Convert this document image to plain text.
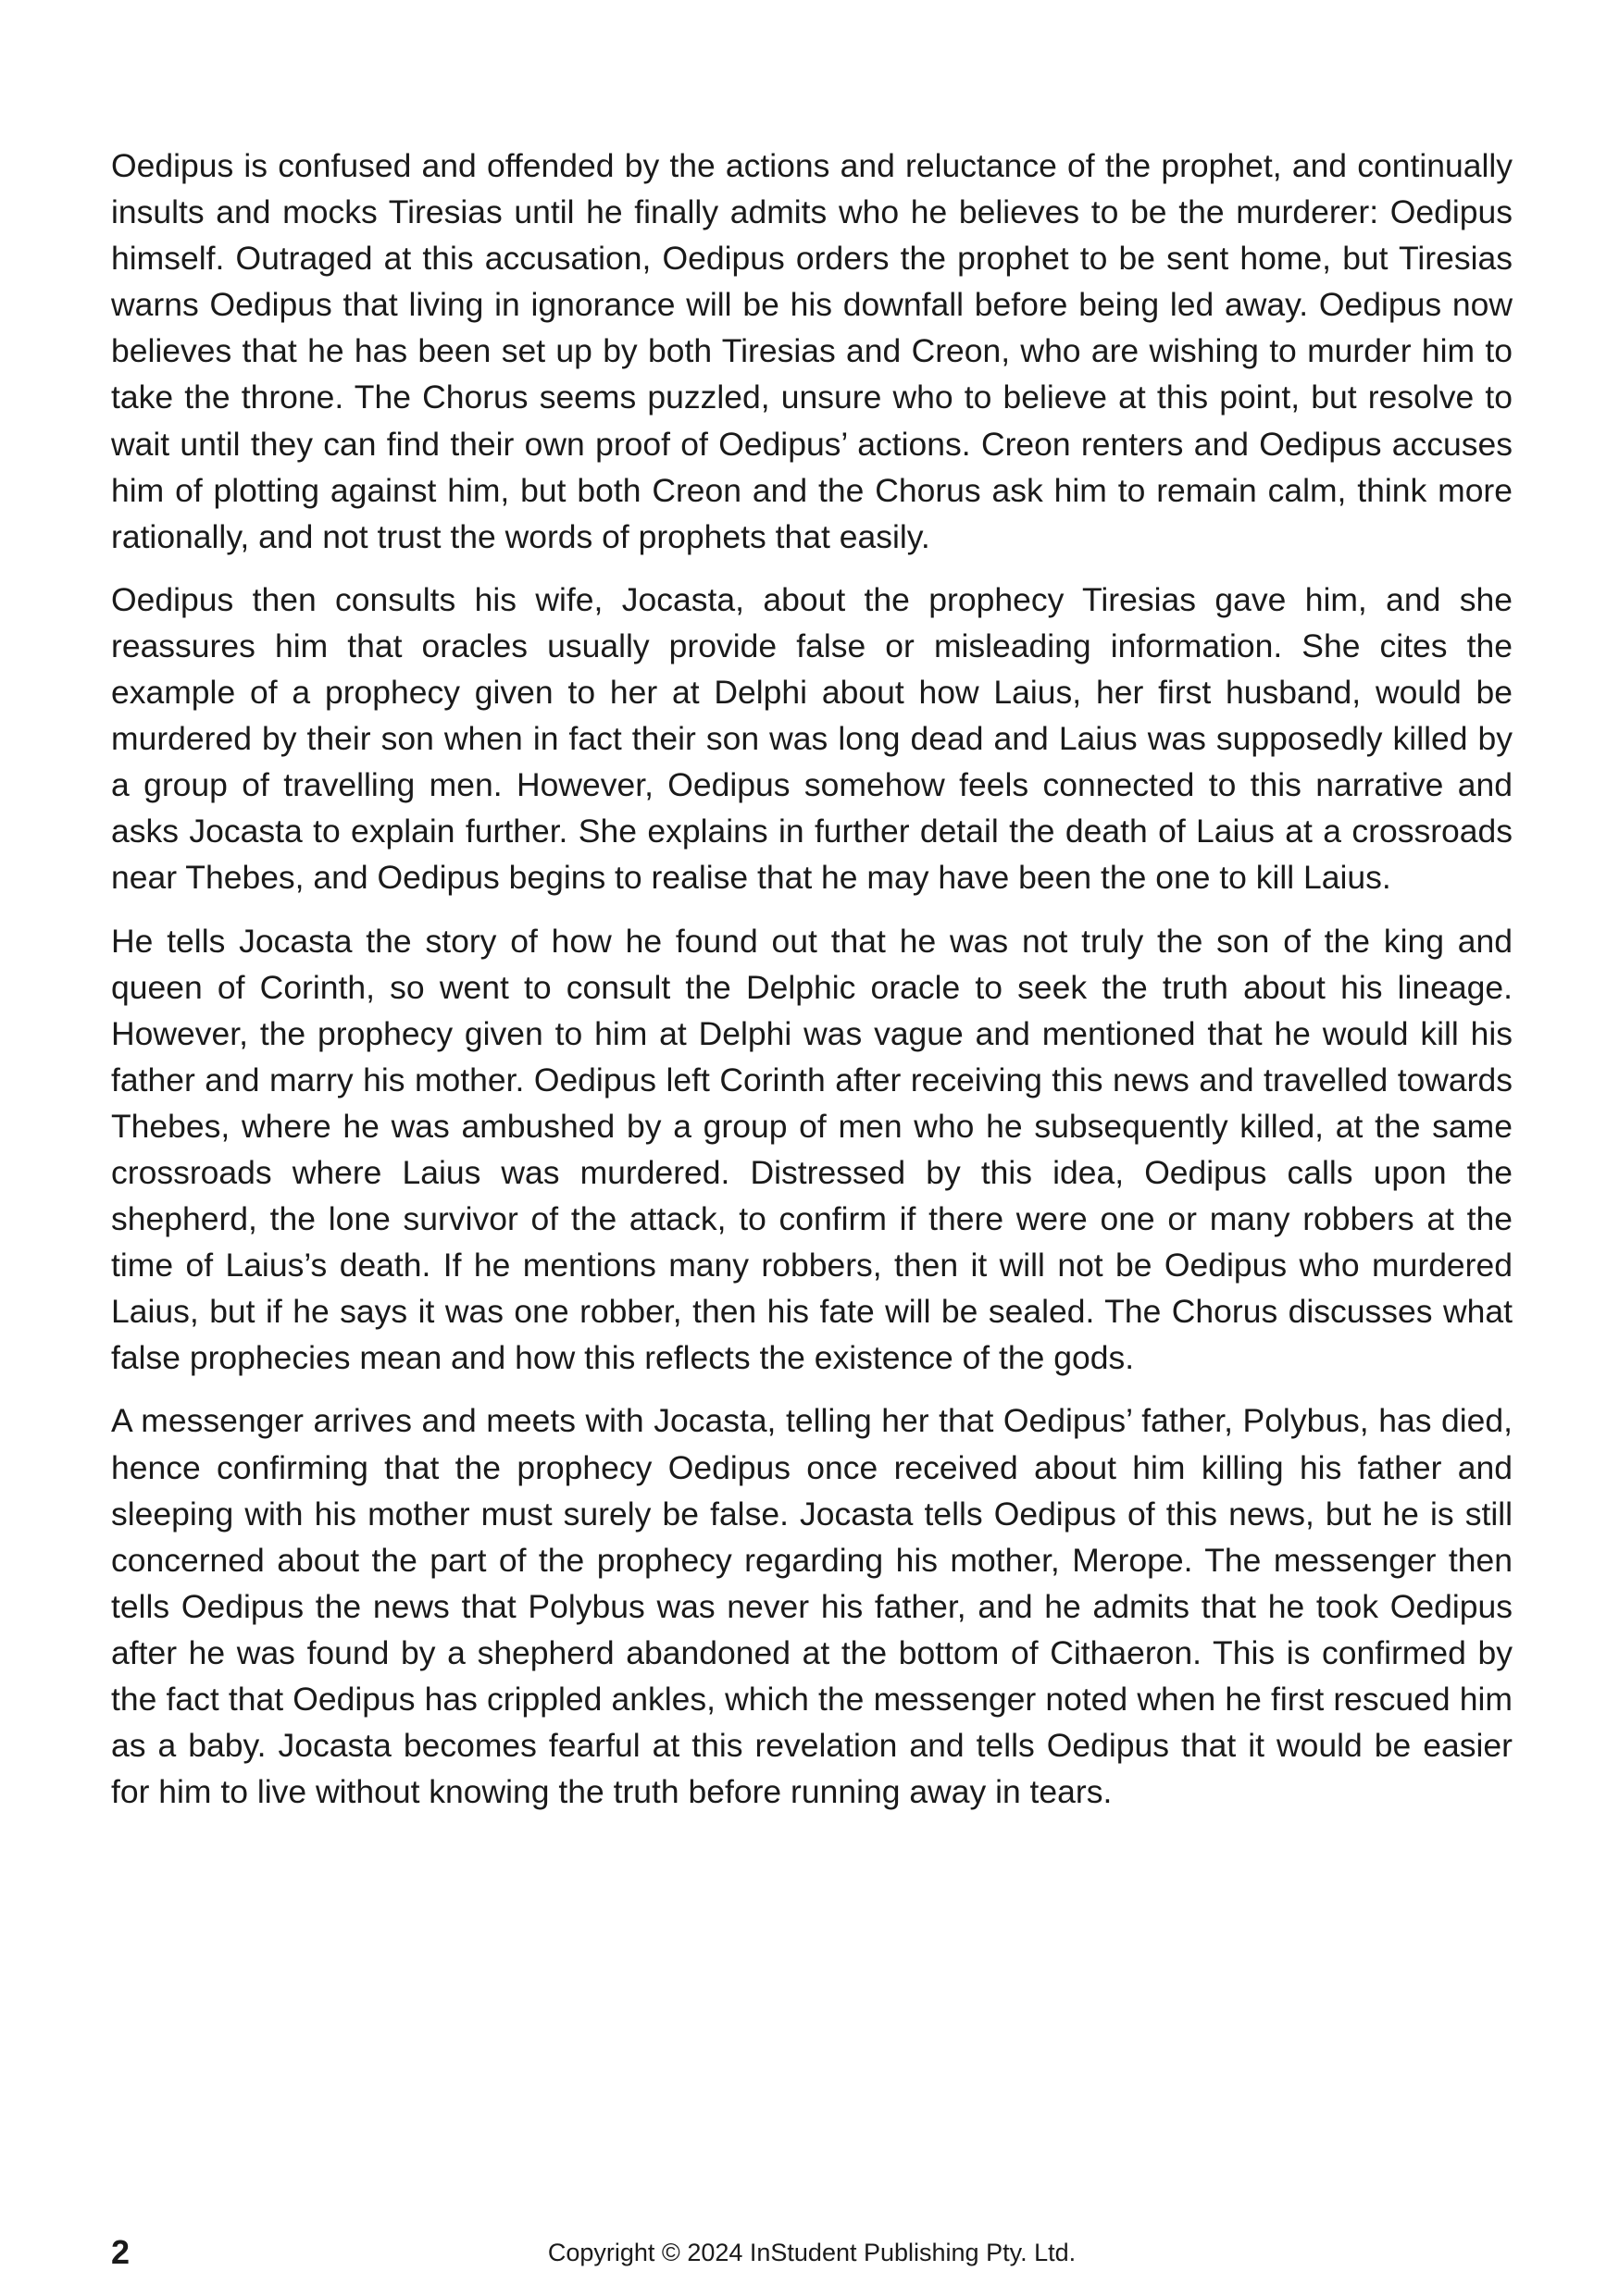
Oedipus is confused and offended by the actions and reluctance of the prophet, and continually insults and mocks Tiresias until he finally admits who he believes to be the murderer: Oedipus himself. Outraged at this accusation, Oedipus orders the prophet to be sent home, but Tiresias warns Oedipus that living in ignorance will be his downfall before being led away. Oedipus now believes that he has been set up by both Tiresias and Creon, who are wishing to murder him to take the throne. The Chorus seems puzzled, unsure who to believe at this point, but resolve to wait until they can find their own proof of Oedipus’ actions. Creon renters and Oedipus accuses him of plotting against him, but both Creon and the Chorus ask him to remain calm, think more rationally, and not trust the words of prophets that easily.

Oedipus then consults his wife, Jocasta, about the prophecy Tiresias gave him, and she reassures him that oracles usually provide false or misleading information. She cites the example of a prophecy given to her at Delphi about how Laius, her first husband, would be murdered by their son when in fact their son was long dead and Laius was supposedly killed by a group of travelling men. However, Oedipus somehow feels connected to this narrative and asks Jocasta to explain further. She explains in further detail the death of Laius at a crossroads near Thebes, and Oedipus begins to realise that he may have been the one to kill Laius.

He tells Jocasta the story of how he found out that he was not truly the son of the king and queen of Corinth, so went to consult the Delphic oracle to seek the truth about his lineage. However, the prophecy given to him at Delphi was vague and mentioned that he would kill his father and marry his mother. Oedipus left Corinth after receiving this news and travelled towards Thebes, where he was ambushed by a group of men who he subsequently killed, at the same crossroads where Laius was murdered. Distressed by this idea, Oedipus calls upon the shepherd, the lone survivor of the attack, to confirm if there were one or many robbers at the time of Laius’s death. If he mentions many robbers, then it will not be Oedipus who murdered Laius, but if he says it was one robber, then his fate will be sealed. The Chorus discusses what false prophecies mean and how this reflects the existence of the gods.

A messenger arrives and meets with Jocasta, telling her that Oedipus’ father, Polybus, has died, hence confirming that the prophecy Oedipus once received about him killing his father and sleeping with his mother must surely be false. Jocasta tells Oedipus of this news, but he is still concerned about the part of the prophecy regarding his mother, Merope. The messenger then tells Oedipus the news that Polybus was never his father, and he admits that he took Oedipus after he was found by a shepherd abandoned at the bottom of Cithaeron. This is confirmed by the fact that Oedipus has crippled ankles, which the messenger noted when he first rescued him as a baby. Jocasta becomes fearful at this revelation and tells Oedipus that it would be easier for him to live without knowing the truth before running away in tears.

2	Copyright © 2024 InStudent Publishing Pty. Ltd.
